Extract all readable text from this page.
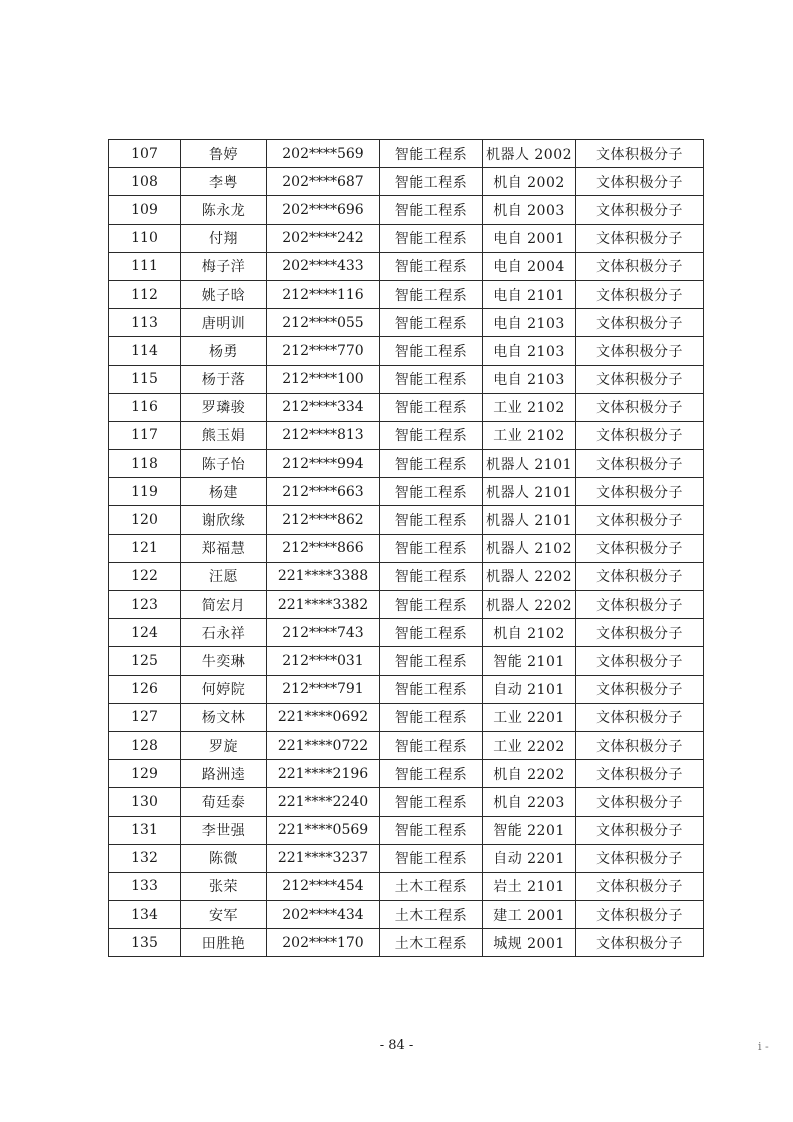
107	鲁婷	202****569	智能工程系	机器人 2002	文体积极分子
108	李粤	202****687	智能工程系	机自 2002	文体积极分子
109	陈永龙	202****696	智能工程系	机自 2003	文体积极分子
110	付翔	202****242	智能工程系	电自 2001	文体积极分子
111	梅子洋	202****433	智能工程系	电自 2004	文体积极分子
112	姚子晗	212****116	智能工程系	电自 2101	文体积极分子
113	唐明训	212****055	智能工程系	电自 2103	文体积极分子
114	杨勇	212****770	智能工程系	电自 2103	文体积极分子
115	杨于落	212****100	智能工程系	电自 2103	文体积极分子
116	罗璘骏	212****334	智能工程系	工业 2102	文体积极分子
117	熊玉娟	212****813	智能工程系	工业 2102	文体积极分子
118	陈子怡	212****994	智能工程系	机器人 2101	文体积极分子
119	杨建	212****663	智能工程系	机器人 2101	文体积极分子
120	谢欣缘	212****862	智能工程系	机器人 2101	文体积极分子
121	郑福慧	212****866	智能工程系	机器人 2102	文体积极分子
122	汪愿	221****3388	智能工程系	机器人 2202	文体积极分子
123	简宏月	221****3382	智能工程系	机器人 2202	文体积极分子
124	石永祥	212****743	智能工程系	机自 2102	文体积极分子
125	牛奕琳	212****031	智能工程系	智能 2101	文体积极分子
126	何婷院	212****791	智能工程系	自动 2101	文体积极分子
127	杨文林	221****0692	智能工程系	工业 2201	文体积极分子
128	罗旋	221****0722	智能工程系	工业 2202	文体积极分子
129	路洲逵	221****2196	智能工程系	机自 2202	文体积极分子
130	荀廷泰	221****2240	智能工程系	机自 2203	文体积极分子
131	李世强	221****0569	智能工程系	智能 2201	文体积极分子
132	陈微	221****3237	智能工程系	自动 2201	文体积极分子
133	张荣	212****454	土木工程系	岩土 2101	文体积极分子
134	安军	202****434	土木工程系	建工 2001	文体积极分子
135	田胜艳	202****170	土木工程系	城规 2001	文体积极分子
- 84 -	i -
